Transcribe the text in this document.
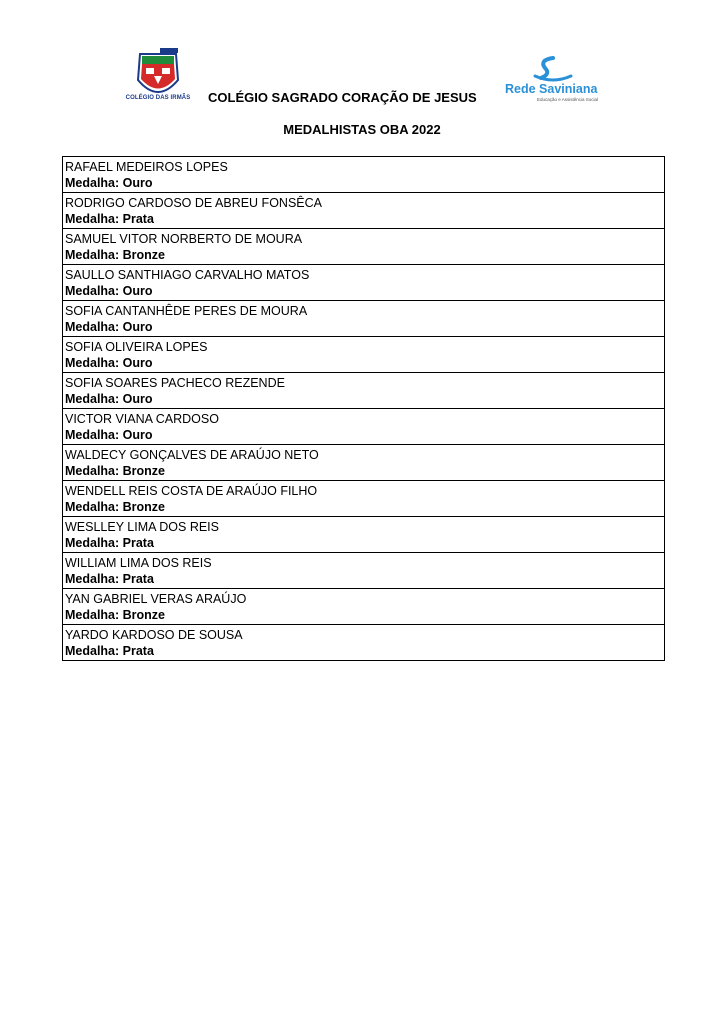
COLÉGIO DAS IRMÃS	COLÉGIO SAGRADO CORAÇÃO DE JESUS
Rede Saviniana
Educação e Assistência Social
MEDALHISTAS OBA 2022
RAFAEL MEDEIROS LOPES
Medalha: Ouro

RODRIGO CARDOSO DE ABREU FONSÊCA
Medalha: Prata

SAMUEL VITOR NORBERTO DE MOURA
Medalha: Bronze

SAULLO SANTHIAGO CARVALHO MATOS
Medalha: Ouro

SOFIA CANTANHÊDE PERES DE MOURA
Medalha: Ouro

SOFIA OLIVEIRA LOPES
Medalha: Ouro

SOFIA SOARES PACHECO REZENDE
Medalha: Ouro

VICTOR VIANA CARDOSO
Medalha: Ouro

WALDECY GONÇALVES DE ARAÚJO NETO
Medalha: Bronze

WENDELL REIS COSTA DE ARAÚJO FILHO
Medalha: Bronze

WESLLEY LIMA DOS REIS
Medalha: Prata

WILLIAM LIMA DOS REIS
Medalha: Prata

YAN GABRIEL VERAS ARAÚJO
Medalha: Bronze

YARDO KARDOSO DE SOUSA
Medalha: Prata
